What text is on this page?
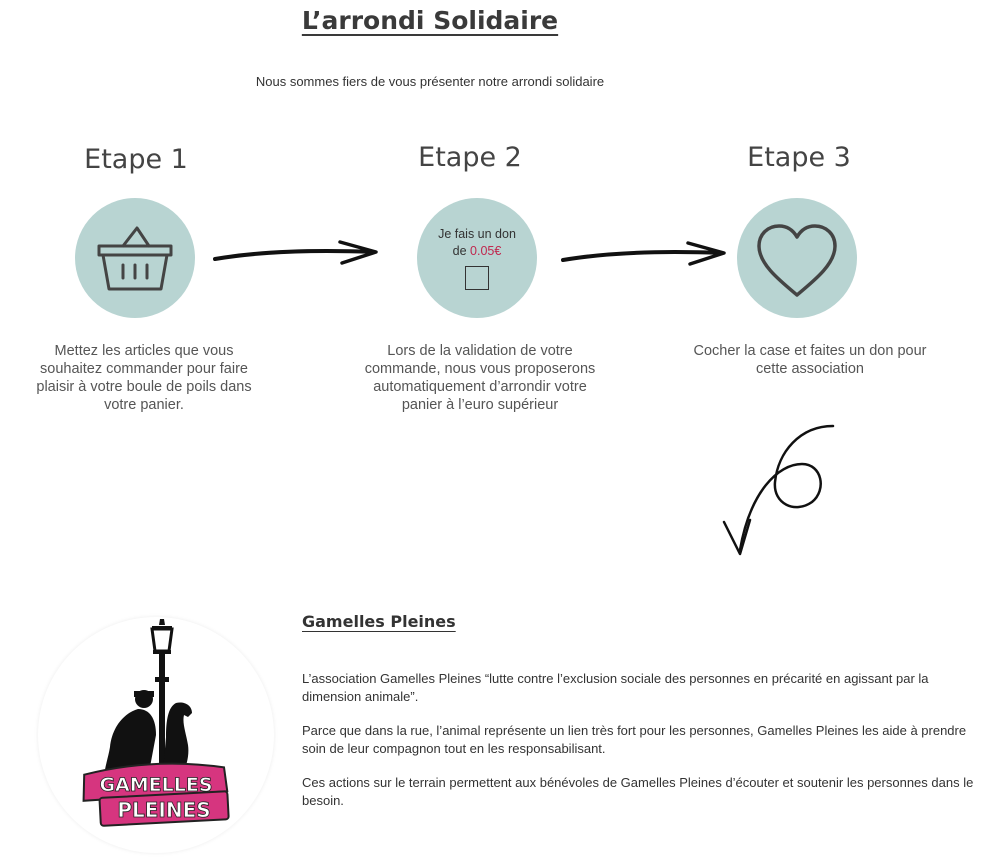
L’arrondi Solidaire
Nous sommes fiers de vous présenter notre arrondi solidaire
Etape 1
Mettez les articles que vous souhaitez commander pour faire plaisir à votre boule de poils dans votre panier.
Etape 2
Je fais un don
de 0.05€
Lors de la validation de votre commande, nous vous proposerons automatiquement d’arrondir votre panier à l’euro supérieur
Etape 3
Cocher la case et faites un don pour cette association
GAMELLES
PLEINES
Gamelles Pleines
L’association Gamelles Pleines “lutte contre l’exclusion sociale des personnes en précarité en agissant par la dimension animale”.
Parce que dans la rue, l’animal représente un lien très fort pour les personnes, Gamelles Pleines les aide à prendre soin de leur compagnon tout en les responsabilisant.
Ces actions sur le terrain permettent aux bénévoles de Gamelles Pleines d’écouter et soutenir les personnes dans le besoin.
